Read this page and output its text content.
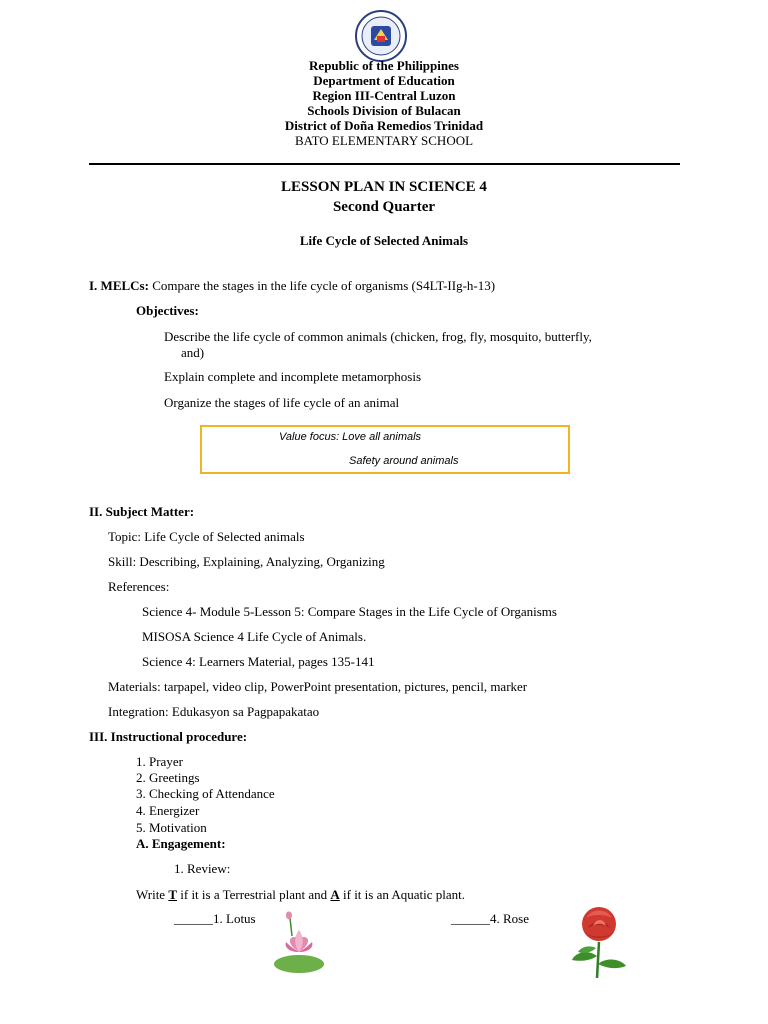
Republic of the Philippines
Department of Education
Region III-Central Luzon
Schools Division of Bulacan
District of Doña Remedios Trinidad
BATO ELEMENTARY SCHOOL
LESSON PLAN IN SCIENCE 4
Second Quarter
Life Cycle of Selected Animals
I. MELCs: Compare the stages in the life cycle of organisms (S4LT-IIg-h-13)
Objectives:
Describe the life cycle of common animals (chicken, frog, fly, mosquito, butterfly,
and)
Explain complete and incomplete metamorphosis
Organize the stages of life cycle of an animal
Value focus: Love all animals
Safety around animals
II. Subject Matter:
Topic: Life Cycle of Selected animals
Skill: Describing, Explaining, Analyzing, Organizing
References:
Science 4- Module 5-Lesson 5: Compare Stages in the Life Cycle of Organisms
MISOSA Science 4 Life Cycle of Animals.
Science 4: Learners Material, pages 135-141
Materials: tarpapel, video clip, PowerPoint presentation, pictures, pencil, marker
Integration: Edukasyon sa Pagpapakatao
III. Instructional procedure:
1. Prayer
2. Greetings
3. Checking of Attendance
4. Energizer
5. Motivation
A. Engagement:
1. Review:
Write T if it is a Terrestrial plant and A if it is an Aquatic plant.
______1. Lotus	______4. Rose
